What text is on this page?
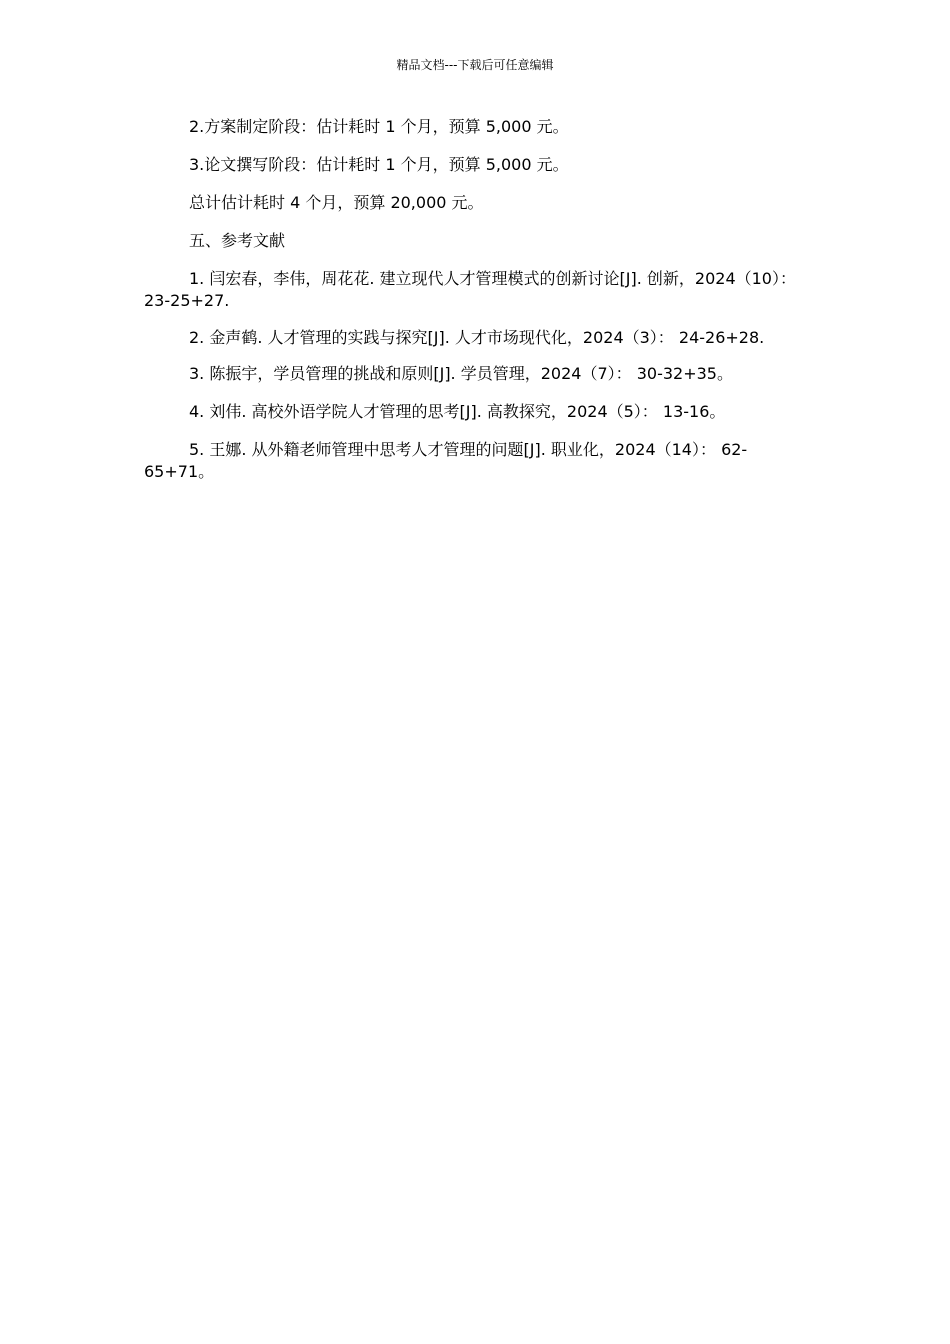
精品文档---下载后可任意编辑

2.方案制定阶段：估计耗时 1 个月，预算 5,000 元。

3.论文撰写阶段：估计耗时 1 个月，预算 5,000 元。

总计估计耗时 4 个月，预算 20,000 元。

五、参考文献

1. 闫宏春，李伟，周花花. 建立现代人才管理模式的创新讨论[J]. 创新，2024（10）： 23-25+27.

2. 金声鹤. 人才管理的实践与探究[J]. 人才市场现代化，2024（3）： 24-26+28.

3. 陈振宇，学员管理的挑战和原则[J]. 学员管理，2024（7）： 30-32+35。

4. 刘伟. 高校外语学院人才管理的思考[J]. 高教探究，2024（5）： 13-16。

5. 王娜. 从外籍老师管理中思考人才管理的问题[J]. 职业化，2024（14）： 62-65+71。
